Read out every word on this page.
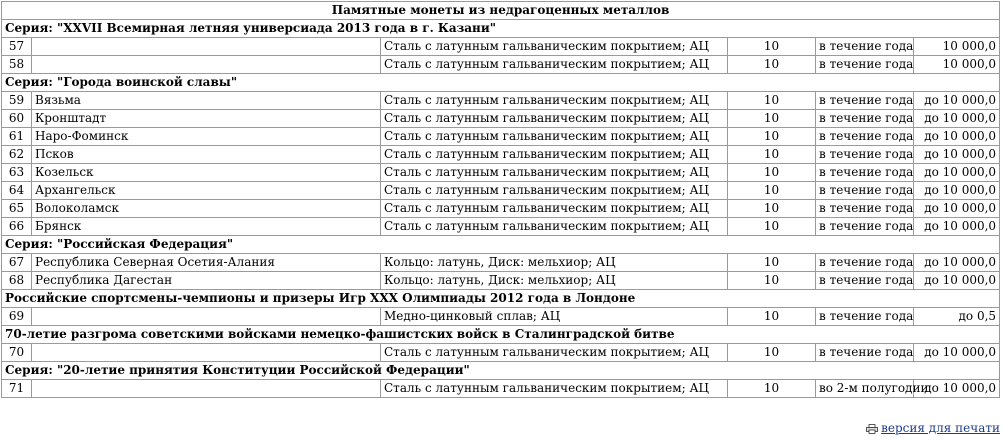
Памятные монеты из недрагоценных металлов					
Серия: "XXVII Всемирная летняя универсиада 2013 года в г. Казани"					
57		Сталь с латунным гальваническим покрытием; АЦ	10	в течение года	10 000,0
58		Сталь с латунным гальваническим покрытием; АЦ	10	в течение года	10 000,0
Серия: "Города воинской славы"					
59	Вязьма	Сталь с латунным гальваническим покрытием; АЦ	10	в течение года	до 10 000,0
60	Кронштадт	Сталь с латунным гальваническим покрытием; АЦ	10	в течение года	до 10 000,0
61	Наро-Фоминск	Сталь с латунным гальваническим покрытием; АЦ	10	в течение года	до 10 000,0
62	Псков	Сталь с латунным гальваническим покрытием; АЦ	10	в течение года	до 10 000,0
63	Козельск	Сталь с латунным гальваническим покрытием; АЦ	10	в течение года	до 10 000,0
64	Архангельск	Сталь с латунным гальваническим покрытием; АЦ	10	в течение года	до 10 000,0
65	Волоколамск	Сталь с латунным гальваническим покрытием; АЦ	10	в течение года	до 10 000,0
66	Брянск	Сталь с латунным гальваническим покрытием; АЦ	10	в течение года	до 10 000,0
Серия: "Российская Федерация"					
67	Республика Северная Осетия-Алания	Кольцо: латунь, Диск: мельхиор; АЦ	10	в течение года	до 10 000,0
68	Республика Дагестан	Кольцо: латунь, Диск: мельхиор; АЦ	10	в течение года	до 10 000,0
Российские спортсмены-чемпионы и призеры Игр XXX Олимпиады 2012 года в Лондоне					
69		Медно-цинковый сплав; АЦ	10	в течение года	до 0,5
70-летие разгрома советскими войсками немецко-фашистских войск в Сталинградской битве					
70		Сталь с латунным гальваническим покрытием; АЦ	10	в течение года	до 10 000,0
Серия: "20-летие принятия Конституции Российской Федерации"					
71		Сталь с латунным гальваническим покрытием; АЦ	10	во 2-м полугодии	до 10 000,0
версия для печати
